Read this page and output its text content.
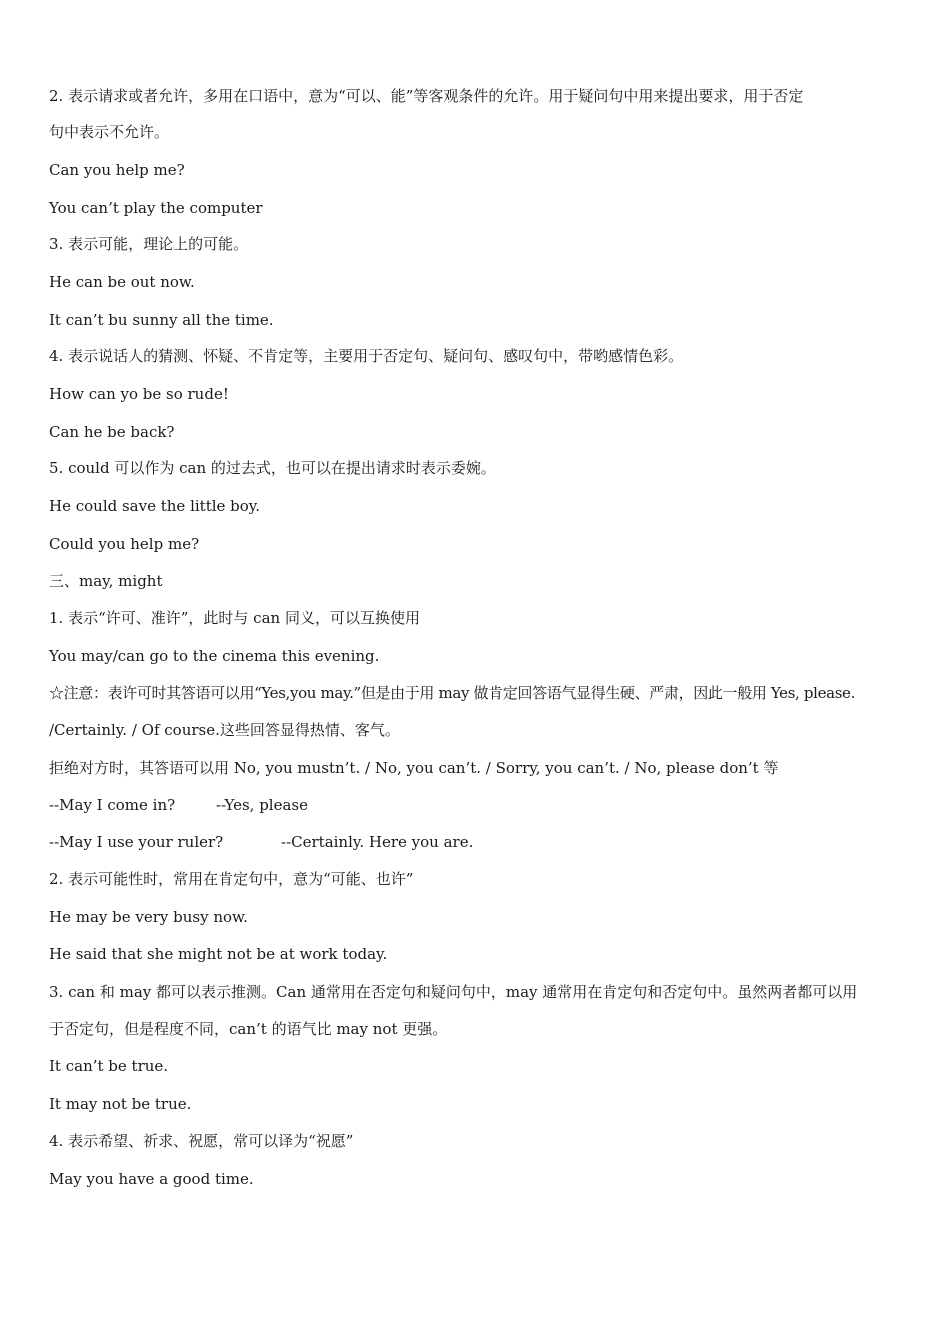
2. 表示请求或者允许，多用在口语中，意为“可以、能”等客观条件的允许。用于疑问句中用来提出要求，用于否定
句中表示不允许。
Can you help me?
You can’t play the computer
3. 表示可能，理论上的可能。
He can be out now.
It can’t bu sunny all the time.
4. 表示说话人的猜测、怀疑、不肯定等，主要用于否定句、疑问句、感叹句中，带哟感情色彩。
How can yo be so rude!
Can he be back?
5. could 可以作为 can 的过去式，也可以在提出请求时表示委婉。
He could save the little boy.
Could you help me?
三、may, might
1. 表示“许可、准许”，此时与 can 同义，可以互换使用
You may/can go to the cinema this evening.
☆注意：表许可时其答语可以用“Yes,you may.”但是由于用 may 做肯定回答语气显得生硬、严肃，因此一般用 Yes, please.
/Certainly. / Of course.这些回答显得热情、客气。
拒绝对方时，其答语可以用 No, you mustn’t. / No, you can’t. / Sorry, you can’t. / No, please don’t 等
--May I come in?	--Yes, please
--May I use your ruler?	--Certainly. Here you are.
2. 表示可能性时，常用在肯定句中，意为“可能、也许”
He may be very busy now.
He said that she might not be at work today.
3. can 和 may 都可以表示推测。Can 通常用在否定句和疑问句中，may 通常用在肯定句和否定句中。虽然两者都可以用
于否定句，但是程度不同，can’t 的语气比 may not 更强。
It can’t be true.
It may not be true.
4. 表示希望、祈求、祝愿，常可以译为“祝愿”
May you have a good time.
